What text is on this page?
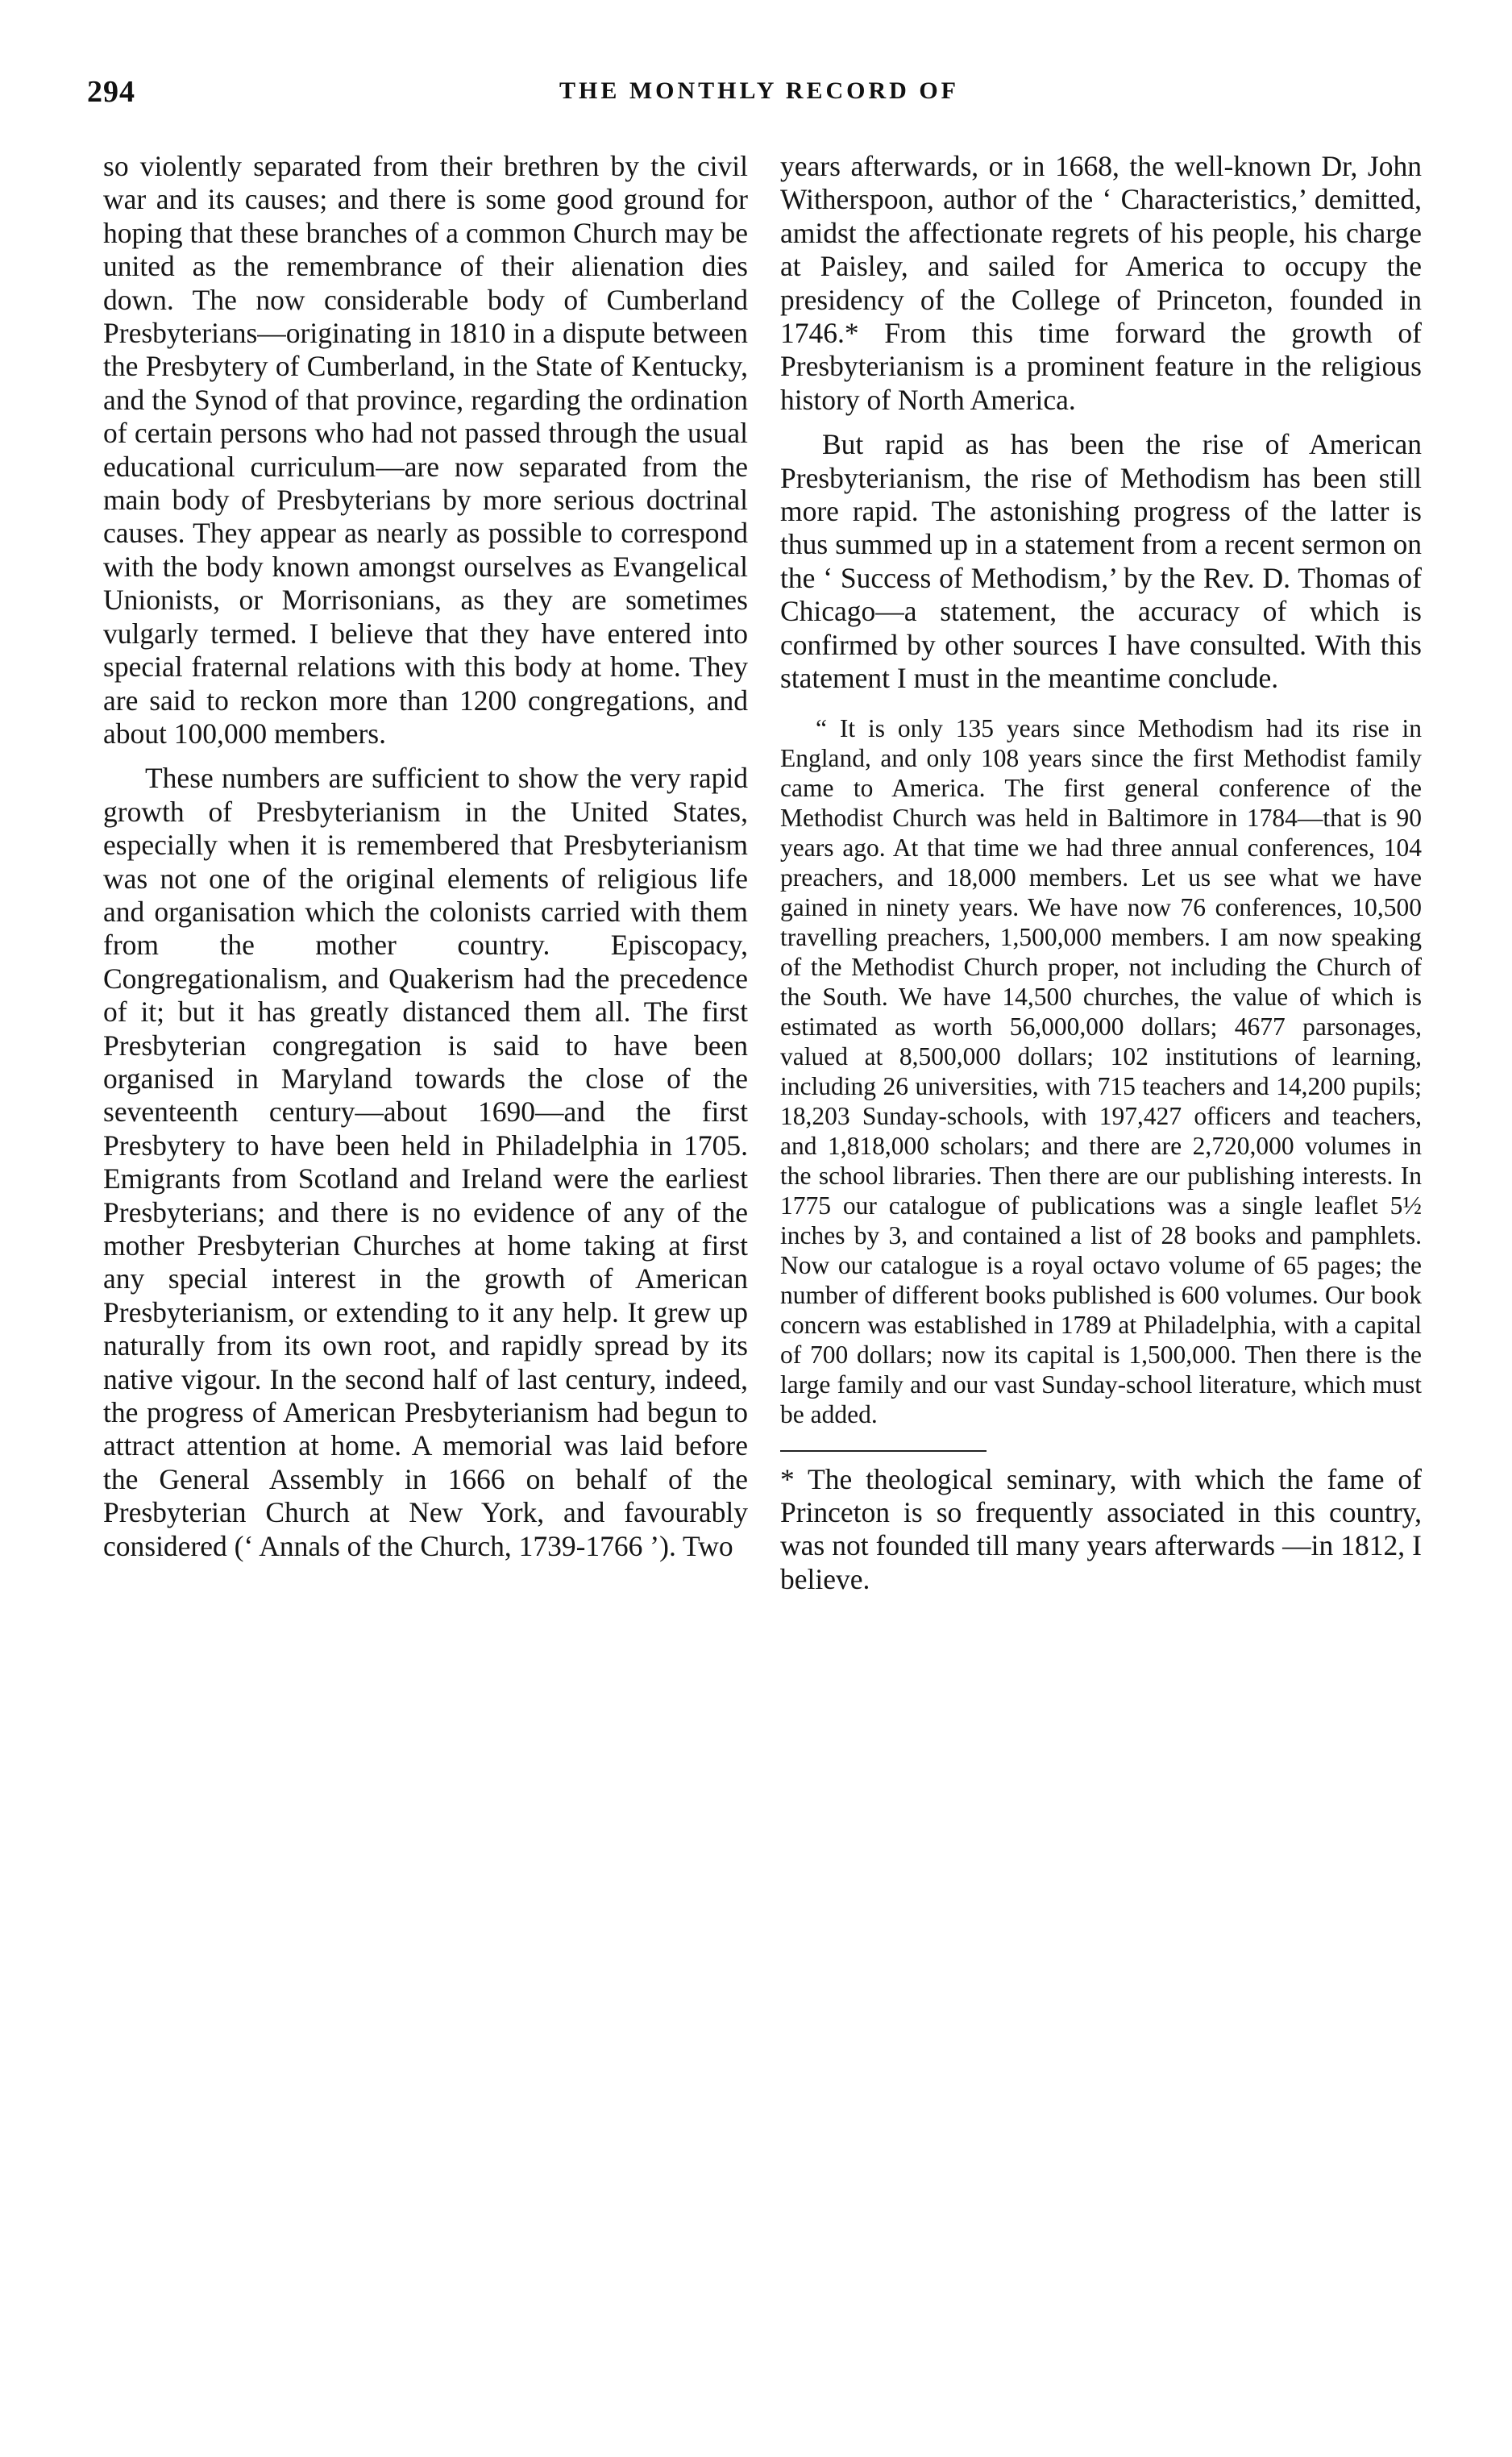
294	THE MONTHLY RECORD OF

so violently separated from their brethren by the civil war and its causes; and there is some good ground for hoping that these branches of a common Church may be united as the remembrance of their alienation dies down. The now considerable body of Cumberland Presbyterians—originating in 1810 in a dispute between the Presbytery of Cumberland, in the State of Kentucky, and the Synod of that province, regarding the ordination of certain persons who had not passed through the usual educational curriculum—are now separated from the main body of Presbyterians by more serious doctrinal causes. They appear as nearly as possible to correspond with the body known amongst ourselves as Evangelical Unionists, or Morrisonians, as they are sometimes vulgarly termed. I believe that they have entered into special fraternal relations with this body at home. They are said to reckon more than 1200 congregations, and about 100,000 members.

These numbers are sufficient to show the very rapid growth of Presbyterianism in the United States, especially when it is remembered that Presbyterianism was not one of the original elements of religious life and organisation which the colonists carried with them from the mother country. Episcopacy, Congregationalism, and Quakerism had the precedence of it; but it has greatly distanced them all. The first Presbyterian congregation is said to have been organised in Maryland towards the close of the seventeenth century—about 1690—and the first Presbytery to have been held in Philadelphia in 1705. Emigrants from Scotland and Ireland were the earliest Presbyterians; and there is no evidence of any of the mother Presbyterian Churches at home taking at first any special interest in the growth of American Presbyterianism, or extending to it any help. It grew up naturally from its own root, and rapidly spread by its native vigour. In the second half of last century, indeed, the progress of American Presbyterianism had begun to attract attention at home. A memorial was laid before the General Assembly in 1666 on behalf of the Presbyterian Church at New York, and favourably considered (‘ Annals of the Church, 1739-1766 ’). Two

years afterwards, or in 1668, the well-known Dr, John Witherspoon, author of the ‘ Characteristics,’ demitted, amidst the affectionate regrets of his people, his charge at Paisley, and sailed for America to occupy the presidency of the College of Princeton, founded in 1746.* From this time forward the growth of Presbyterianism is a prominent feature in the religious history of North America.

But rapid as has been the rise of American Presbyterianism, the rise of Methodism has been still more rapid. The astonishing progress of the latter is thus summed up in a statement from a recent sermon on the ‘ Success of Methodism,’ by the Rev. D. Thomas of Chicago—a statement, the accuracy of which is confirmed by other sources I have consulted. With this statement I must in the meantime conclude.

“ It is only 135 years since Methodism had its rise in England, and only 108 years since the first Methodist family came to America. The first general conference of the Methodist Church was held in Baltimore in 1784—that is 90 years ago. At that time we had three annual conferences, 104 preachers, and 18,000 members. Let us see what we have gained in ninety years. We have now 76 conferences, 10,500 travelling preachers, 1,500,000 members. I am now speaking of the Methodist Church proper, not including the Church of the South. We have 14,500 churches, the value of which is estimated as worth 56,000,000 dollars; 4677 parsonages, valued at 8,500,000 dollars; 102 institutions of learning, including 26 universities, with 715 teachers and 14,200 pupils; 18,203 Sunday-schools, with 197,427 officers and teachers, and 1,818,000 scholars; and there are 2,720,000 volumes in the school libraries. Then there are our publishing interests. In 1775 our catalogue of publications was a single leaflet 5½ inches by 3, and contained a list of 28 books and pamphlets. Now our catalogue is a royal octavo volume of 65 pages; the number of different books published is 600 volumes. Our book concern was established in 1789 at Philadelphia, with a capital of 700 dollars; now its capital is 1,500,000. Then there is the large family and our vast Sunday-school literature, which must be added.

* The theological seminary, with which the fame of Princeton is so frequently associated in this country, was not founded till many years afterwards —in 1812, I believe.
